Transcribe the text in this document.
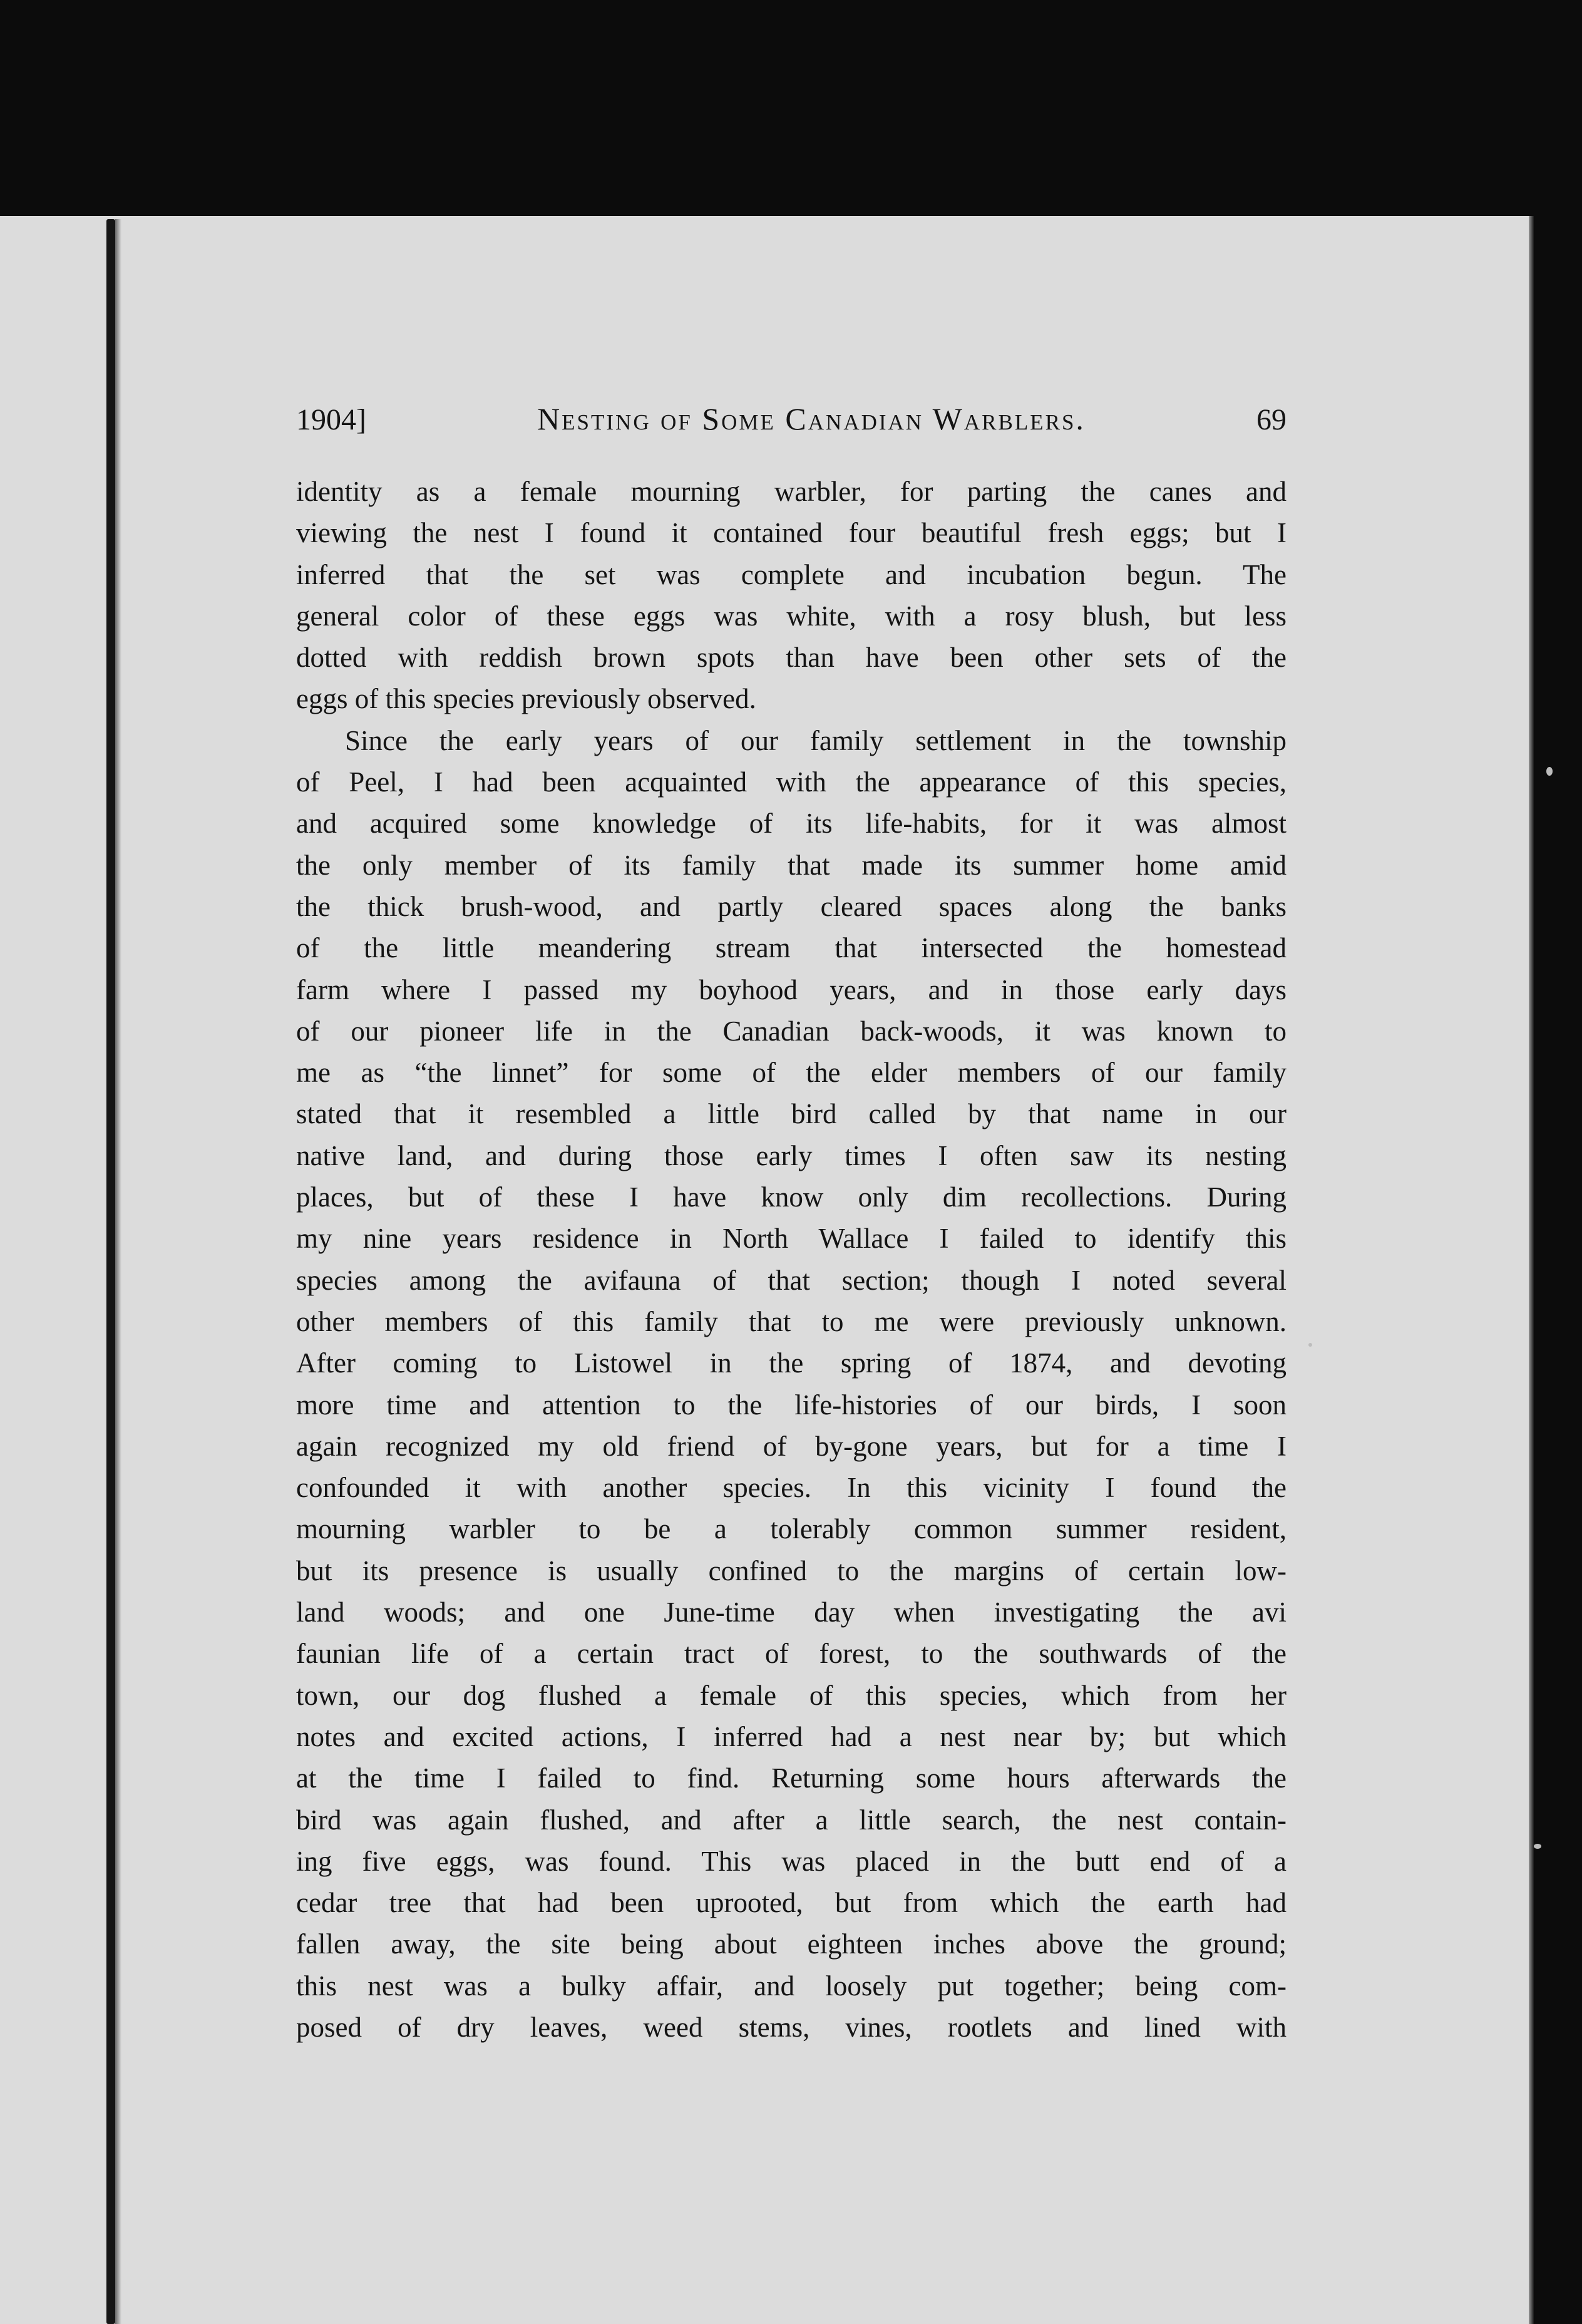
1904]	Nesting of Some Canadian Warblers.	69
identity as a female mourning warbler, for parting the canes and
viewing the nest I found it contained four beautiful fresh eggs; but I
inferred that the set was complete and incubation begun. The
general color of these eggs was white, with a rosy blush, but less
dotted with reddish brown spots than have been other sets of the
eggs of this species previously observed.
Since the early years of our family settlement in the township
of Peel, I had been acquainted with the appearance of this species,
and acquired some knowledge of its life-habits, for it was almost
the only member of its family that made its summer home amid
the thick brush-wood, and partly cleared spaces along the banks
of the little meandering stream that intersected the homestead
farm where I passed my boyhood years, and in those early days
of our pioneer life in the Canadian back-woods, it was known to
me as “the linnet” for some of the elder members of our family
stated that it resembled a little bird called by that name in our
native land, and during those early times I often saw its nesting
places, but of these I have know only dim recollections. During
my nine years residence in North Wallace I failed to identify this
species among the avifauna of that section; though I noted several
other members of this family that to me were previously unknown.
After coming to Listowel in the spring of 1874, and devoting
more time and attention to the life-histories of our birds, I soon
again recognized my old friend of by-gone years, but for a time I
confounded it with another species. In this vicinity I found the
mourning warbler to be a tolerably common summer resident,
but its presence is usually confined to the margins of certain low-
land woods; and one June-time day when investigating the avi
faunian life of a certain tract of forest, to the southwards of the
town, our dog flushed a female of this species, which from her
notes and excited actions, I inferred had a nest near by; but which
at the time I failed to find. Returning some hours afterwards the
bird was again flushed, and after a little search, the nest contain-
ing five eggs, was found. This was placed in the butt end of a
cedar tree that had been uprooted, but from which the earth had
fallen away, the site being about eighteen inches above the ground;
this nest was a bulky affair, and loosely put together; being com-
posed of dry leaves, weed stems, vines, rootlets and lined with
